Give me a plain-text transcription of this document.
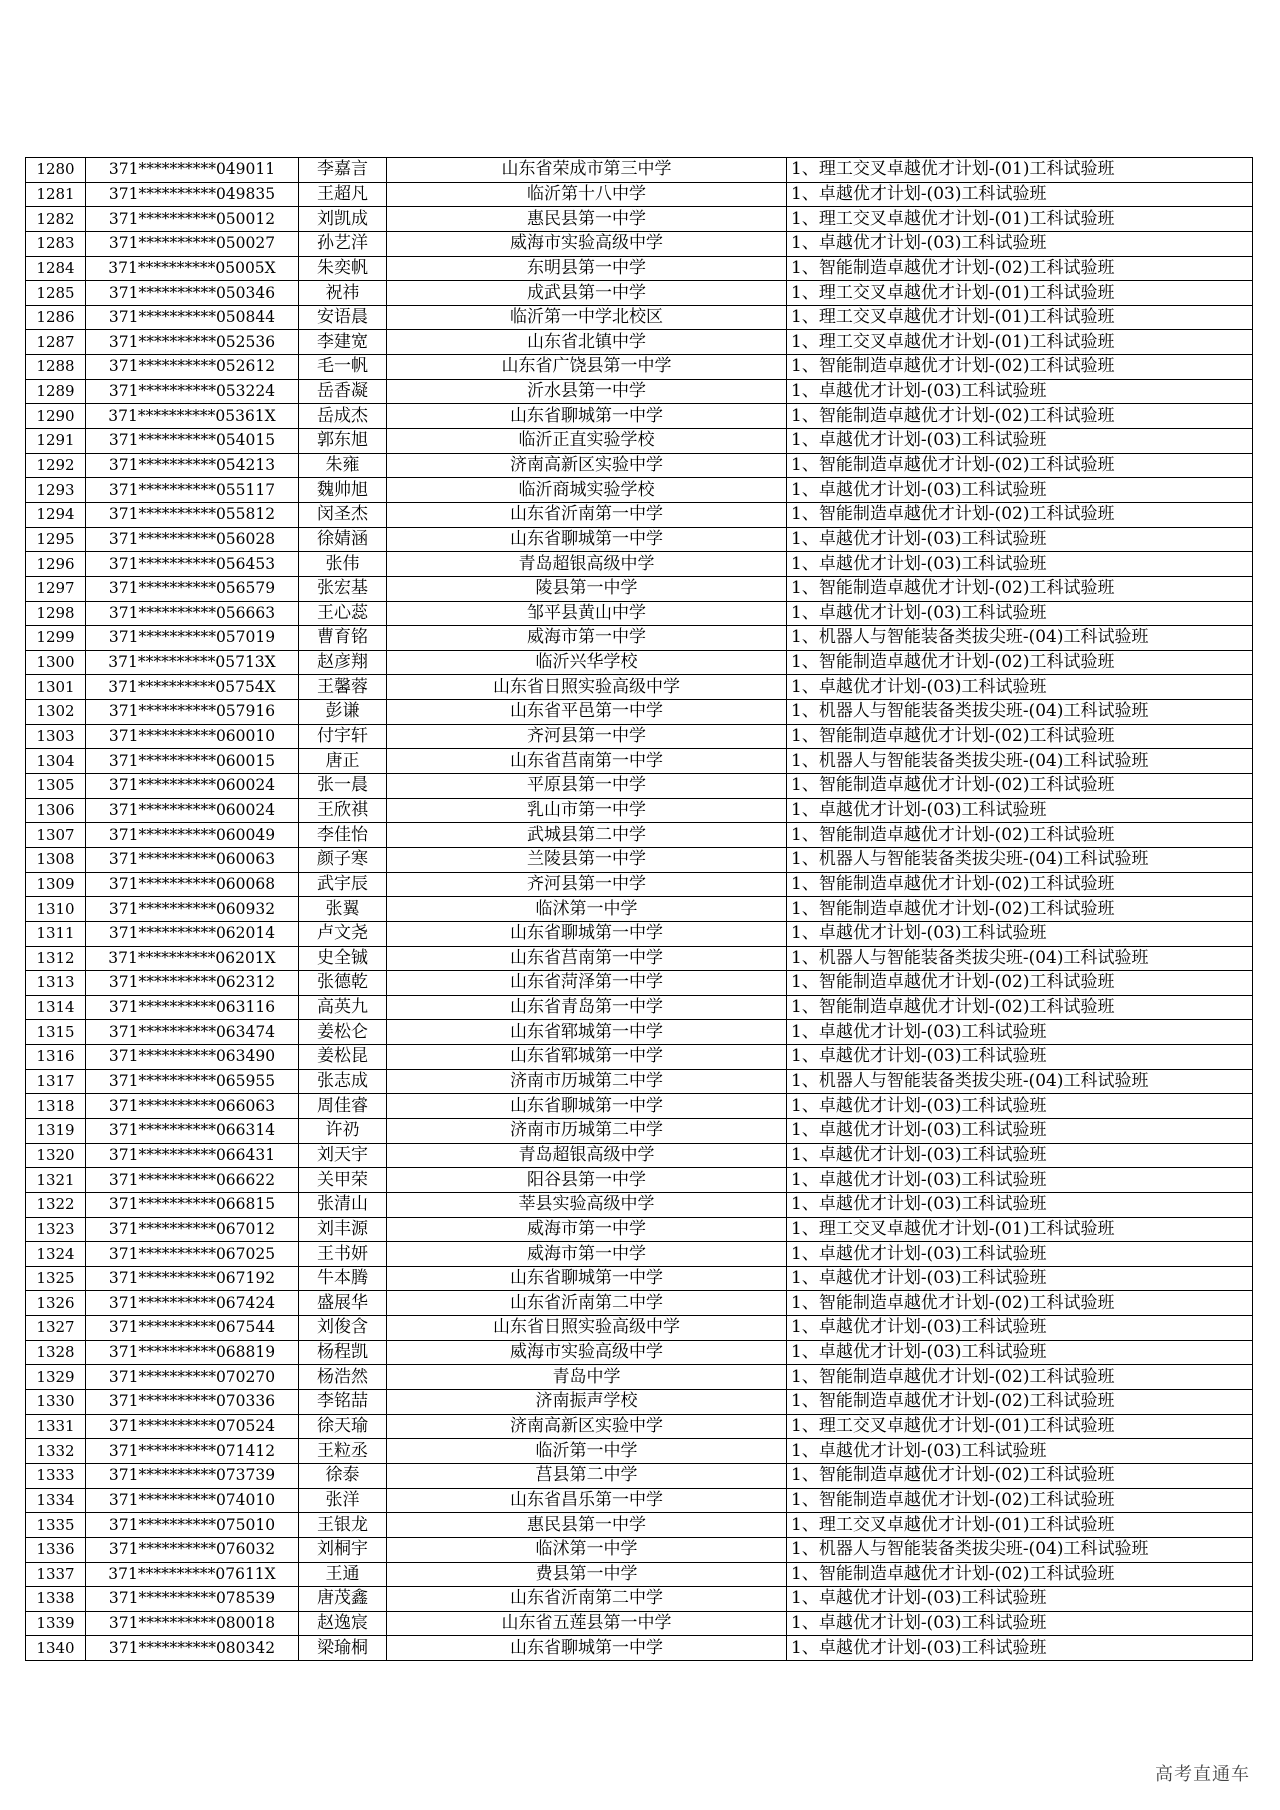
1280	371**********049011	李嘉言	山东省荣成市第三中学	1、理工交叉卓越优才计划-(01)工科试验班
1281	371**********049835	王超凡	临沂第十八中学	1、卓越优才计划-(03)工科试验班
1282	371**********050012	刘凯成	惠民县第一中学	1、理工交叉卓越优才计划-(01)工科试验班
1283	371**********050027	孙艺洋	威海市实验高级中学	1、卓越优才计划-(03)工科试验班
1284	371**********05005X	朱奕帆	东明县第一中学	1、智能制造卓越优才计划-(02)工科试验班
1285	371**********050346	祝祎	成武县第一中学	1、理工交叉卓越优才计划-(01)工科试验班
1286	371**********050844	安语晨	临沂第一中学北校区	1、理工交叉卓越优才计划-(01)工科试验班
1287	371**********052536	李建宽	山东省北镇中学	1、理工交叉卓越优才计划-(01)工科试验班
1288	371**********052612	毛一帆	山东省广饶县第一中学	1、智能制造卓越优才计划-(02)工科试验班
1289	371**********053224	岳香凝	沂水县第一中学	1、卓越优才计划-(03)工科试验班
1290	371**********05361X	岳成杰	山东省聊城第一中学	1、智能制造卓越优才计划-(02)工科试验班
1291	371**********054015	郭东旭	临沂正直实验学校	1、卓越优才计划-(03)工科试验班
1292	371**********054213	朱雍	济南高新区实验中学	1、智能制造卓越优才计划-(02)工科试验班
1293	371**********055117	魏帅旭	临沂商城实验学校	1、卓越优才计划-(03)工科试验班
1294	371**********055812	闵圣杰	山东省沂南第一中学	1、智能制造卓越优才计划-(02)工科试验班
1295	371**********056028	徐婧涵	山东省聊城第一中学	1、卓越优才计划-(03)工科试验班
1296	371**********056453	张伟	青岛超银高级中学	1、卓越优才计划-(03)工科试验班
1297	371**********056579	张宏基	陵县第一中学	1、智能制造卓越优才计划-(02)工科试验班
1298	371**********056663	王心蕊	邹平县黄山中学	1、卓越优才计划-(03)工科试验班
1299	371**********057019	曹育铭	威海市第一中学	1、机器人与智能装备类拔尖班-(04)工科试验班
1300	371**********05713X	赵彦翔	临沂兴华学校	1、智能制造卓越优才计划-(02)工科试验班
1301	371**********05754X	王馨蓉	山东省日照实验高级中学	1、卓越优才计划-(03)工科试验班
1302	371**********057916	彭谦	山东省平邑第一中学	1、机器人与智能装备类拔尖班-(04)工科试验班
1303	371**********060010	付宇轩	齐河县第一中学	1、智能制造卓越优才计划-(02)工科试验班
1304	371**********060015	唐正	山东省莒南第一中学	1、机器人与智能装备类拔尖班-(04)工科试验班
1305	371**********060024	张一晨	平原县第一中学	1、智能制造卓越优才计划-(02)工科试验班
1306	371**********060024	王欣祺	乳山市第一中学	1、卓越优才计划-(03)工科试验班
1307	371**********060049	李佳怡	武城县第二中学	1、智能制造卓越优才计划-(02)工科试验班
1308	371**********060063	颜子寒	兰陵县第一中学	1、机器人与智能装备类拔尖班-(04)工科试验班
1309	371**********060068	武宇辰	齐河县第一中学	1、智能制造卓越优才计划-(02)工科试验班
1310	371**********060932	张翼	临沭第一中学	1、智能制造卓越优才计划-(02)工科试验班
1311	371**********062014	卢文尧	山东省聊城第一中学	1、卓越优才计划-(03)工科试验班
1312	371**********06201X	史全铖	山东省莒南第一中学	1、机器人与智能装备类拔尖班-(04)工科试验班
1313	371**********062312	张德乾	山东省菏泽第一中学	1、智能制造卓越优才计划-(02)工科试验班
1314	371**********063116	高英九	山东省青岛第一中学	1、智能制造卓越优才计划-(02)工科试验班
1315	371**********063474	姜松仑	山东省郓城第一中学	1、卓越优才计划-(03)工科试验班
1316	371**********063490	姜松昆	山东省郓城第一中学	1、卓越优才计划-(03)工科试验班
1317	371**********065955	张志成	济南市历城第二中学	1、机器人与智能装备类拔尖班-(04)工科试验班
1318	371**********066063	周佳睿	山东省聊城第一中学	1、卓越优才计划-(03)工科试验班
1319	371**********066314	许礽	济南市历城第二中学	1、卓越优才计划-(03)工科试验班
1320	371**********066431	刘天宇	青岛超银高级中学	1、卓越优才计划-(03)工科试验班
1321	371**********066622	关甲荣	阳谷县第一中学	1、卓越优才计划-(03)工科试验班
1322	371**********066815	张清山	莘县实验高级中学	1、卓越优才计划-(03)工科试验班
1323	371**********067012	刘丰源	威海市第一中学	1、理工交叉卓越优才计划-(01)工科试验班
1324	371**********067025	王书妍	威海市第一中学	1、卓越优才计划-(03)工科试验班
1325	371**********067192	牛本腾	山东省聊城第一中学	1、卓越优才计划-(03)工科试验班
1326	371**********067424	盛展华	山东省沂南第二中学	1、智能制造卓越优才计划-(02)工科试验班
1327	371**********067544	刘俊含	山东省日照实验高级中学	1、卓越优才计划-(03)工科试验班
1328	371**********068819	杨程凯	威海市实验高级中学	1、卓越优才计划-(03)工科试验班
1329	371**********070270	杨浩然	青岛中学	1、智能制造卓越优才计划-(02)工科试验班
1330	371**********070336	李铭喆	济南振声学校	1、智能制造卓越优才计划-(02)工科试验班
1331	371**********070524	徐天瑜	济南高新区实验中学	1、理工交叉卓越优才计划-(01)工科试验班
1332	371**********071412	王粒丞	临沂第一中学	1、卓越优才计划-(03)工科试验班
1333	371**********073739	徐泰	莒县第二中学	1、智能制造卓越优才计划-(02)工科试验班
1334	371**********074010	张洋	山东省昌乐第一中学	1、智能制造卓越优才计划-(02)工科试验班
1335	371**********075010	王银龙	惠民县第一中学	1、理工交叉卓越优才计划-(01)工科试验班
1336	371**********076032	刘桐宇	临沭第一中学	1、机器人与智能装备类拔尖班-(04)工科试验班
1337	371**********07611X	王通	费县第一中学	1、智能制造卓越优才计划-(02)工科试验班
1338	371**********078539	唐茂鑫	山东省沂南第二中学	1、卓越优才计划-(03)工科试验班
1339	371**********080018	赵逸宸	山东省五莲县第一中学	1、卓越优才计划-(03)工科试验班
1340	371**********080342	梁瑜桐	山东省聊城第一中学	1、卓越优才计划-(03)工科试验班
高考直通车
